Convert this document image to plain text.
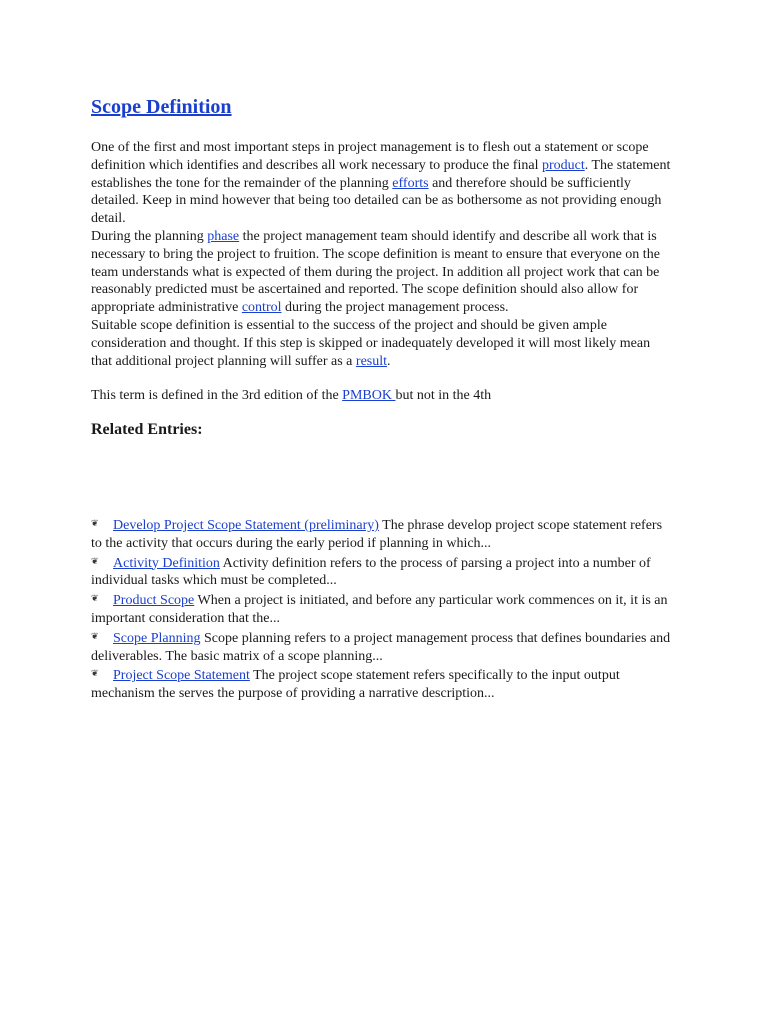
Scope Definition

One of the first and most important steps in project management is to flesh out a statement or scope definition which identifies and describes all work necessary to produce the final product. The statement establishes the tone for the remainder of the planning efforts and therefore should be sufficiently detailed. Keep in mind however that being too detailed can be as bothersome as not providing enough detail.

During the planning phase the project management team should identify and describe all work that is necessary to bring the project to fruition. The scope definition is meant to ensure that everyone on the team understands what is expected of them during the project. In addition all project work that can be reasonably predicted must be ascertained and reported. The scope definition should also allow for appropriate administrative control during the project management process.

Suitable scope definition is essential to the success of the project and should be given ample consideration and thought. If this step is skipped or inadequately developed it will most likely mean that additional project planning will suffer as a result.

This term is defined in the 3rd edition of the PMBOK but not in the 4th

Related Entries:
❦ Develop Project Scope Statement (preliminary) The phrase develop project scope statement refers to the activity that occurs during the early period if planning in which...
❦ Activity Definition Activity definition refers to the process of parsing a project into a number of individual tasks which must be completed...
❦ Product Scope When a project is initiated, and before any particular work commences on it, it is an important consideration that the...
❦ Scope Planning Scope planning refers to a project management process that defines boundaries and deliverables. The basic matrix of a scope planning...
❦ Project Scope Statement The project scope statement refers specifically to the input output mechanism the serves the purpose of providing a narrative description...
